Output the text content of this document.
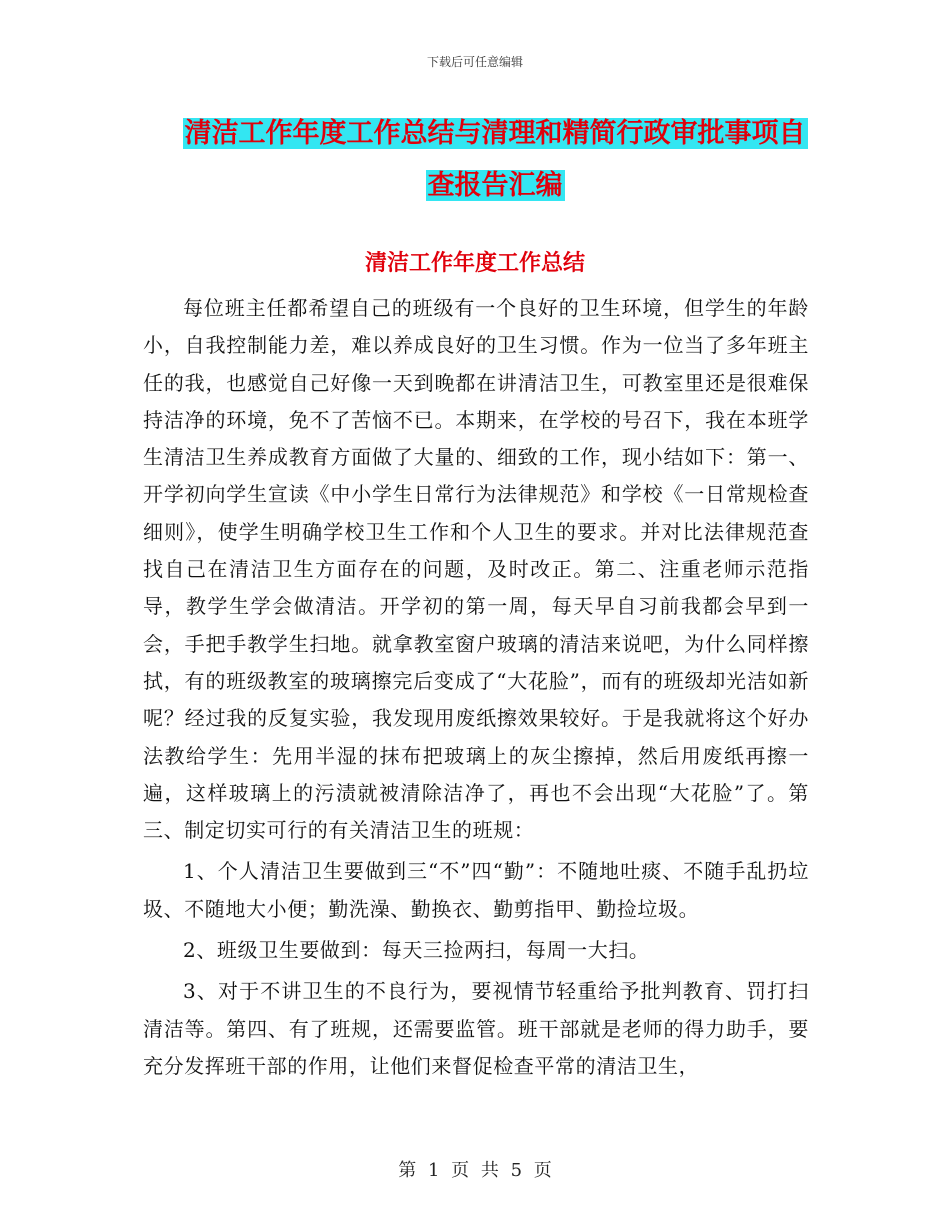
下载后可任意编辑
清洁工作年度工作总结与清理和精简行政审批事项自
查报告汇编
清洁工作年度工作总结

每位班主任都希望自己的班级有一个良好的卫生环境，但学生的年龄小，自我控制能力差，难以养成良好的卫生习惯。作为一位当了多年班主任的我，也感觉自己好像一天到晚都在讲清洁卫生，可教室里还是很难保持洁净的环境，免不了苦恼不已。本期来，在学校的号召下，我在本班学生清洁卫生养成教育方面做了大量的、细致的工作，现小结如下：第一、开学初向学生宣读《中小学生日常行为法律规范》和学校《一日常规检查细则》，使学生明确学校卫生工作和个人卫生的要求。并对比法律规范查找自己在清洁卫生方面存在的问题，及时改正。第二、注重老师示范指导，教学生学会做清洁。开学初的第一周，每天早自习前我都会早到一会，手把手教学生扫地。就拿教室窗户玻璃的清洁来说吧，为什么同样擦拭，有的班级教室的玻璃擦完后变成了“大花脸”，而有的班级却光洁如新呢？经过我的反复实验，我发现用废纸擦效果较好。于是我就将这个好办法教给学生：先用半湿的抹布把玻璃上的灰尘擦掉，然后用废纸再擦一遍，这样玻璃上的污渍就被清除洁净了，再也不会出现“大花脸”了。第三、制定切实可行的有关清洁卫生的班规：

1、个人清洁卫生要做到三“不”四“勤”：不随地吐痰、不随手乱扔垃圾、不随地大小便；勤洗澡、勤换衣、勤剪指甲、勤捡垃圾。

2、班级卫生要做到：每天三捡两扫，每周一大扫。

3、对于不讲卫生的不良行为，要视情节轻重给予批判教育、罚打扫清洁等。第四、有了班规，还需要监管。班干部就是老师的得力助手，要充分发挥班干部的作用，让他们来督促检查平常的清洁卫生，

第 1 页 共 5 页
